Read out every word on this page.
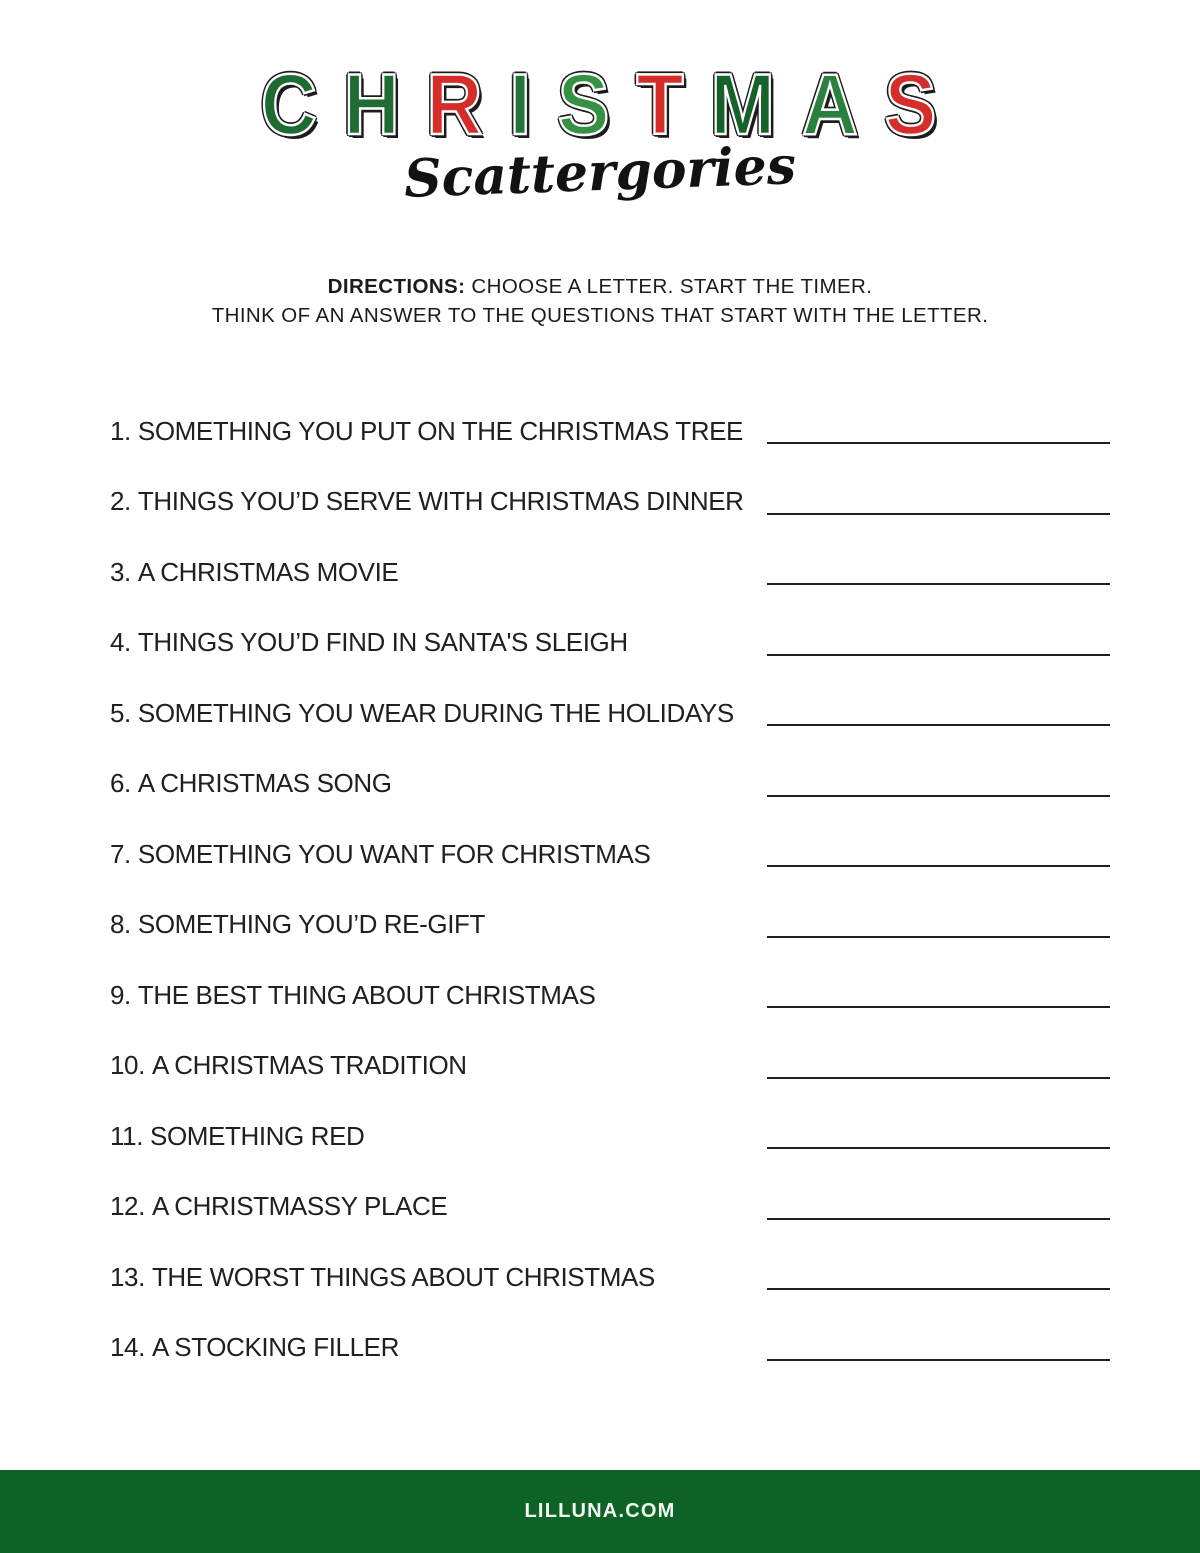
C H R I S T M A S
Scattergories
DIRECTIONS: CHOOSE A LETTER. START THE TIMER.
THINK OF AN ANSWER TO THE QUESTIONS THAT START WITH THE LETTER.
1. SOMETHING YOU PUT ON THE CHRISTMAS TREE
2. THINGS YOU’D SERVE WITH CHRISTMAS DINNER
3. A CHRISTMAS MOVIE
4. THINGS YOU’D FIND IN SANTA'S SLEIGH
5. SOMETHING YOU WEAR DURING THE HOLIDAYS
6. A CHRISTMAS SONG
7. SOMETHING YOU WANT FOR CHRISTMAS
8. SOMETHING YOU’D RE-GIFT
9. THE BEST THING ABOUT CHRISTMAS
10. A CHRISTMAS TRADITION
11. SOMETHING RED
12. A CHRISTMASSY PLACE
13. THE WORST THINGS ABOUT CHRISTMAS
14. A STOCKING FILLER
LILLUNA.COM
